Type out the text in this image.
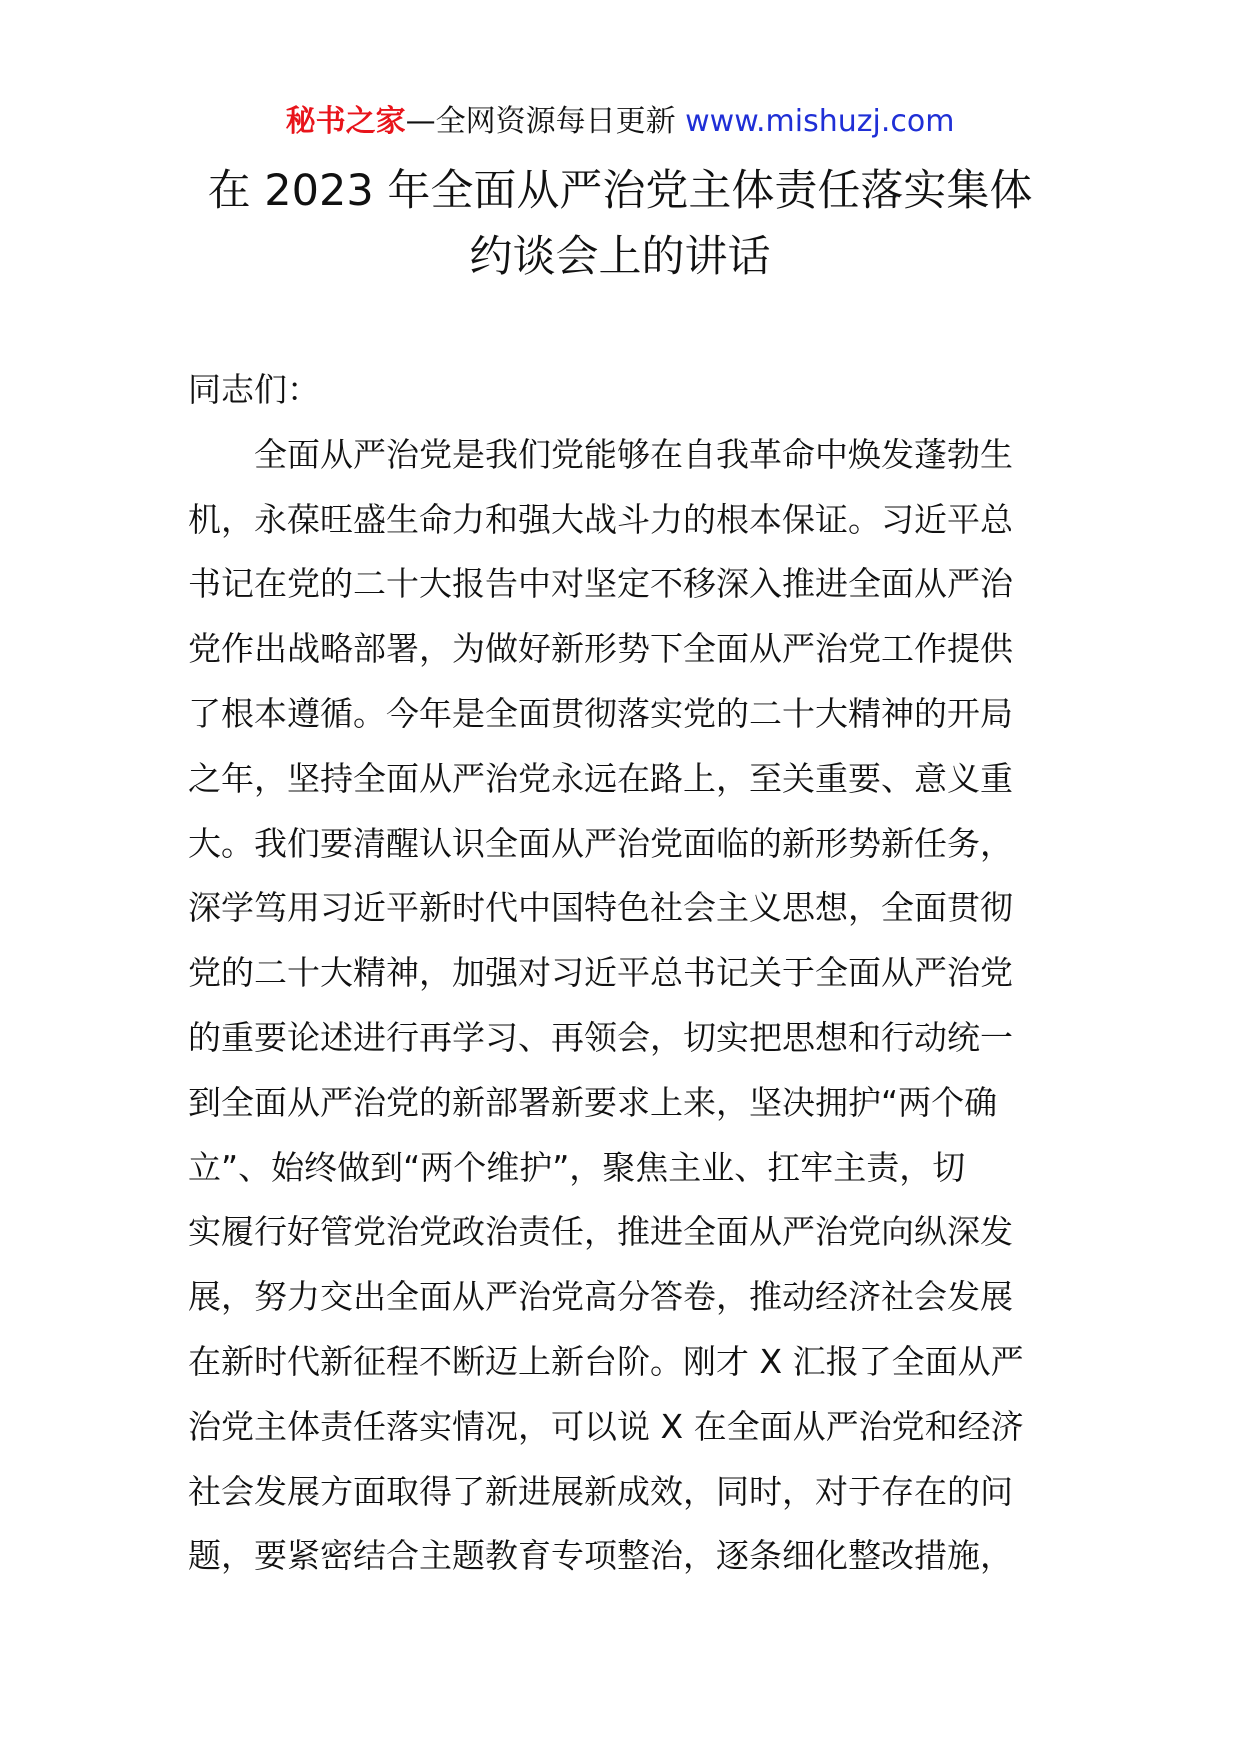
秘书之家—全网资源每日更新 www.mishuzj.com
在 2023 年全面从严治党主体责任落实集体
约谈会上的讲话
同志们：
全面从严治党是我们党能够在自我革命中焕发蓬勃生
机，永葆旺盛生命力和强大战斗力的根本保证。习近平总
书记在党的二十大报告中对坚定不移深入推进全面从严治
党作出战略部署，为做好新形势下全面从严治党工作提供
了根本遵循。今年是全面贯彻落实党的二十大精神的开局
之年，坚持全面从严治党永远在路上，至关重要、意义重
大。我们要清醒认识全面从严治党面临的新形势新任务，
深学笃用习近平新时代中国特色社会主义思想，全面贯彻
党的二十大精神，加强对习近平总书记关于全面从严治党
的重要论述进行再学习、再领会，切实把思想和行动统一
到全面从严治党的新部署新要求上来，坚决拥护“两个确
立”、始终做到“两个维护”，聚焦主业、扛牢主责，切
实履行好管党治党政治责任，推进全面从严治党向纵深发
展，努力交出全面从严治党高分答卷，推动经济社会发展
在新时代新征程不断迈上新台阶。刚才 X 汇报了全面从严
治党主体责任落实情况，可以说 X 在全面从严治党和经济
社会发展方面取得了新进展新成效，同时，对于存在的问
题，要紧密结合主题教育专项整治，逐条细化整改措施，
